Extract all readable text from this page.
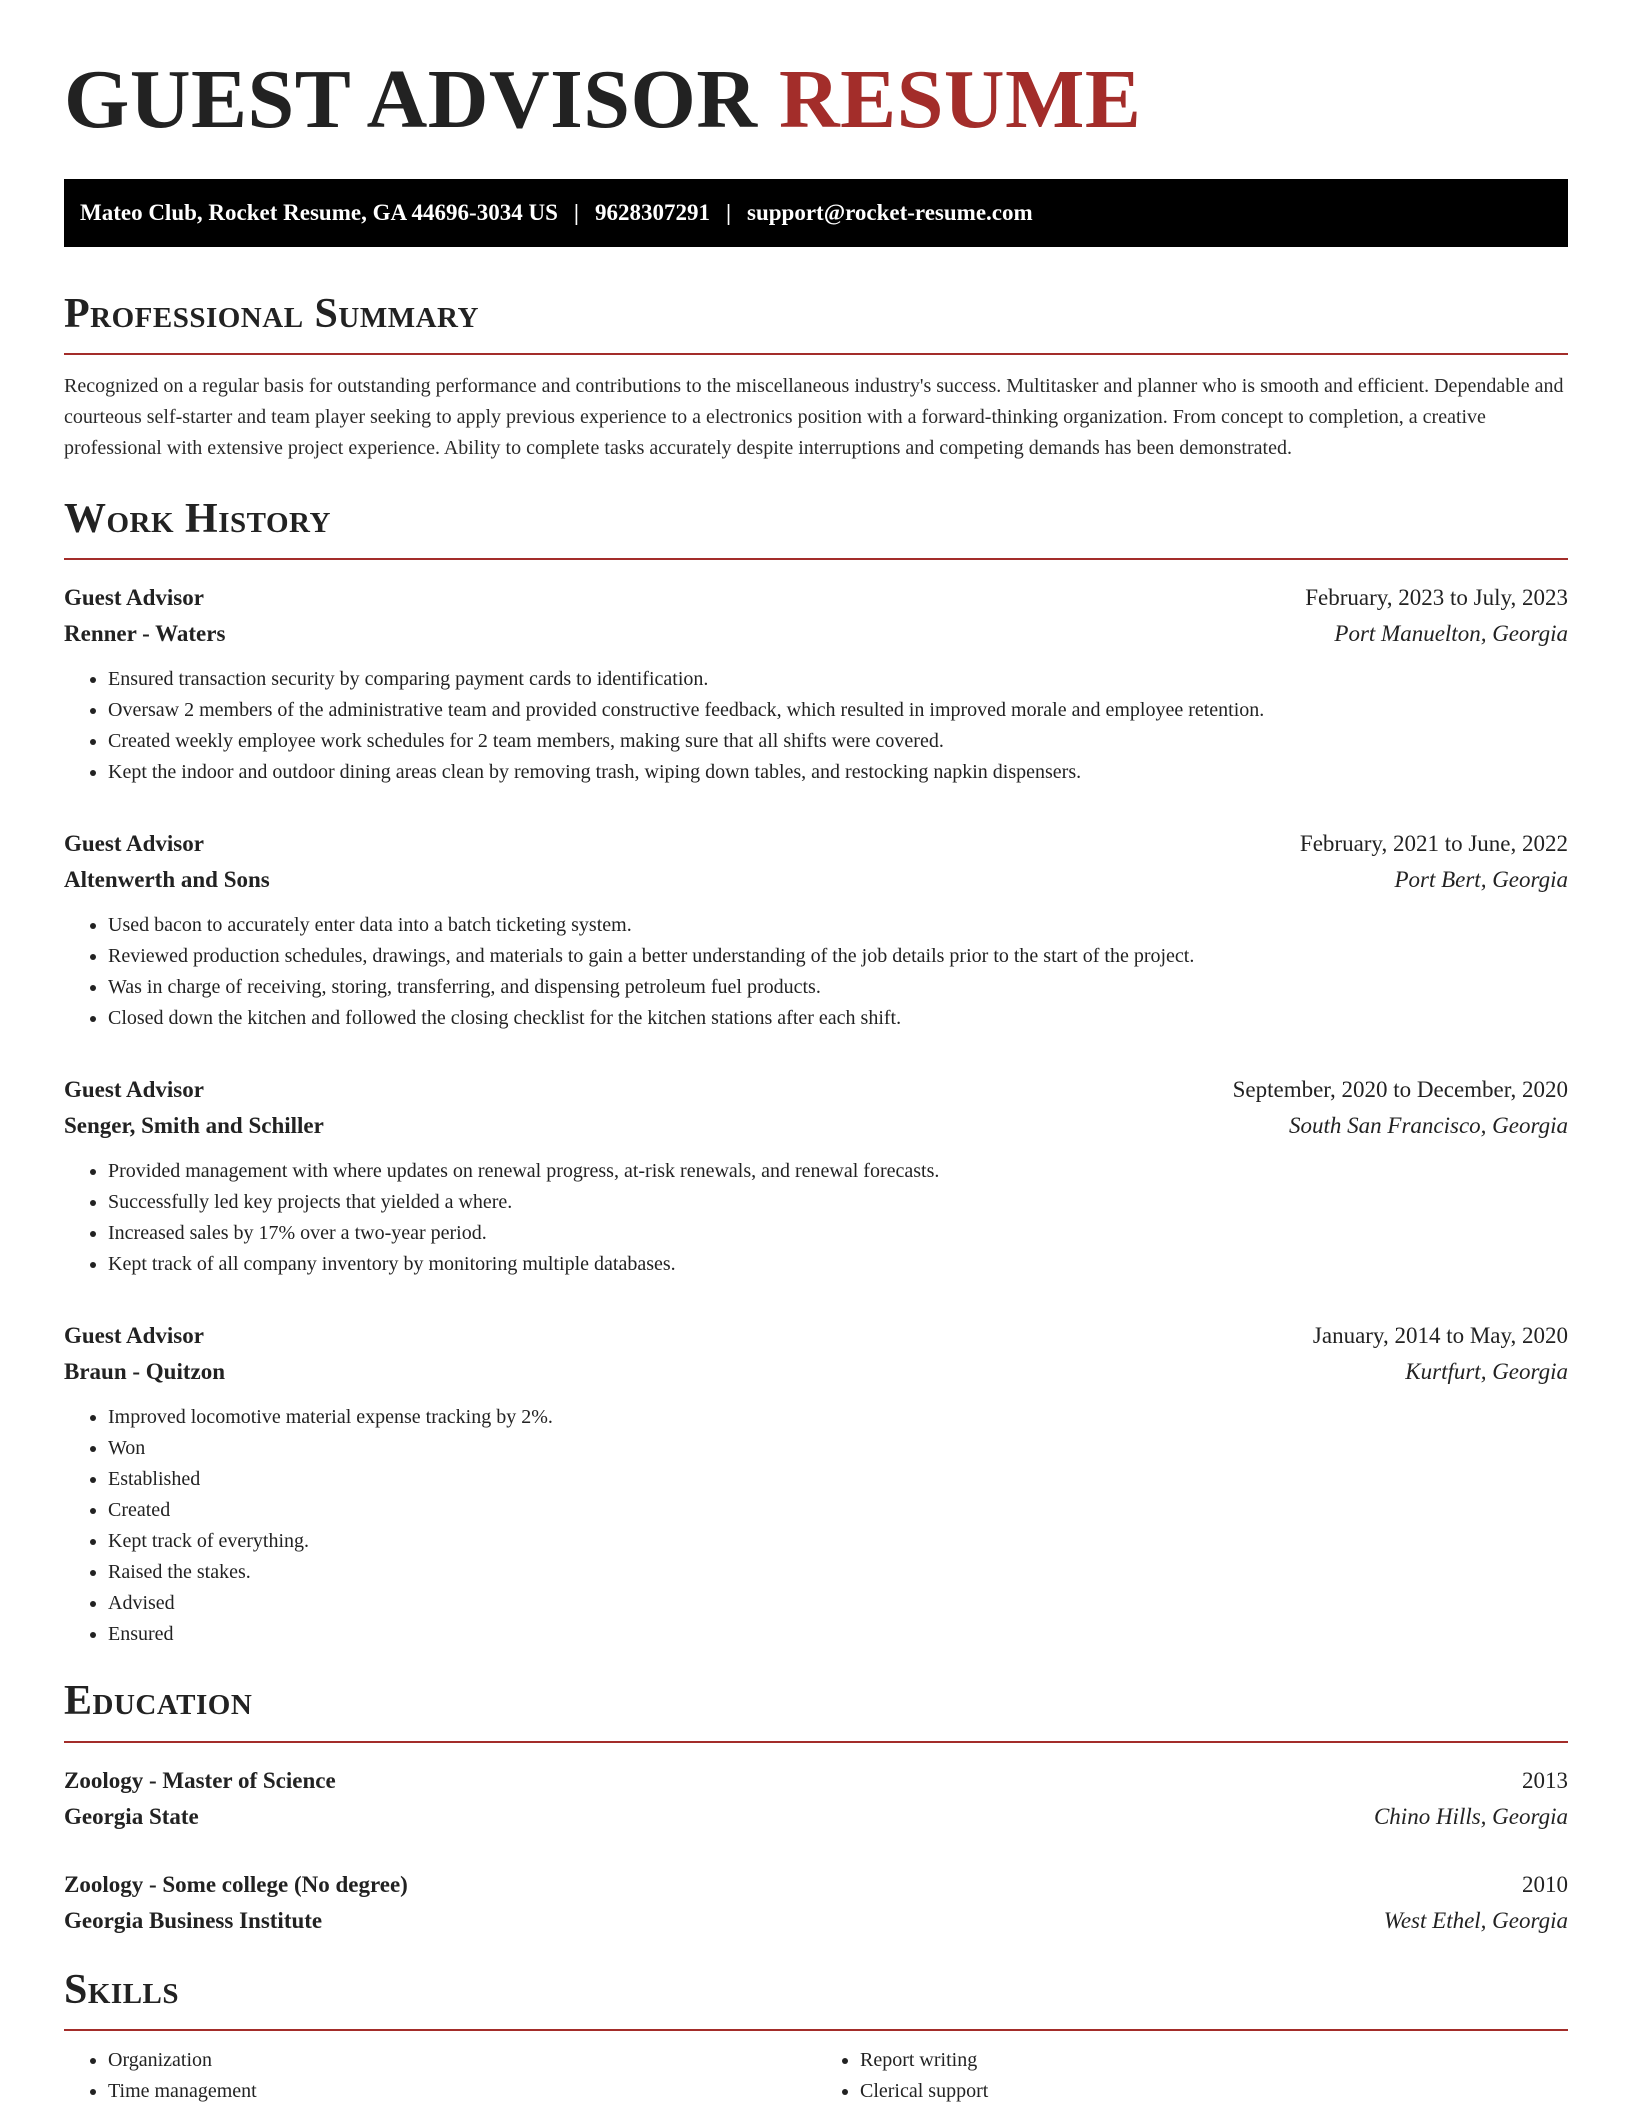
GUEST ADVISOR RESUME
Mateo Club, Rocket Resume, GA 44696-3034 US | 9628307291 | support@rocket-resume.com
Professional Summary

Recognized on a regular basis for outstanding performance and contributions to the miscellaneous industry's success. Multitasker and planner who is smooth and efficient. Dependable and courteous self-starter and team player seeking to apply previous experience to a electronics position with a forward-thinking organization. From concept to completion, a creative professional with extensive project experience. Ability to complete tasks accurately despite interruptions and competing demands has been demonstrated.

Work History
Guest Advisor	February, 2023 to July, 2023
Renner - Waters	Port Manuelton, Georgia
• Ensured transaction security by comparing payment cards to identification.
• Oversaw 2 members of the administrative team and provided constructive feedback, which resulted in improved morale and employee retention.
• Created weekly employee work schedules for 2 team members, making sure that all shifts were covered.
• Kept the indoor and outdoor dining areas clean by removing trash, wiping down tables, and restocking napkin dispensers.
Guest Advisor	February, 2021 to June, 2022
Altenwerth and Sons	Port Bert, Georgia
• Used bacon to accurately enter data into a batch ticketing system.
• Reviewed production schedules, drawings, and materials to gain a better understanding of the job details prior to the start of the project.
• Was in charge of receiving, storing, transferring, and dispensing petroleum fuel products.
• Closed down the kitchen and followed the closing checklist for the kitchen stations after each shift.
Guest Advisor	September, 2020 to December, 2020
Senger, Smith and Schiller	South San Francisco, Georgia
• Provided management with where updates on renewal progress, at-risk renewals, and renewal forecasts.
• Successfully led key projects that yielded a where.
• Increased sales by 17% over a two-year period.
• Kept track of all company inventory by monitoring multiple databases.
Guest Advisor	January, 2014 to May, 2020
Braun - Quitzon	Kurtfurt, Georgia
• Improved locomotive material expense tracking by 2%.
• Won
• Established
• Created
• Kept track of everything.
• Raised the stakes.
• Advised
• Ensured
Education
Zoology - Master of Science	2013
Georgia State	Chino Hills, Georgia
Zoology - Some college (No degree)	2010
Georgia Business Institute	West Ethel, Georgia
Skills
• Organization
• Time management
• Report writing
• Clerical support
